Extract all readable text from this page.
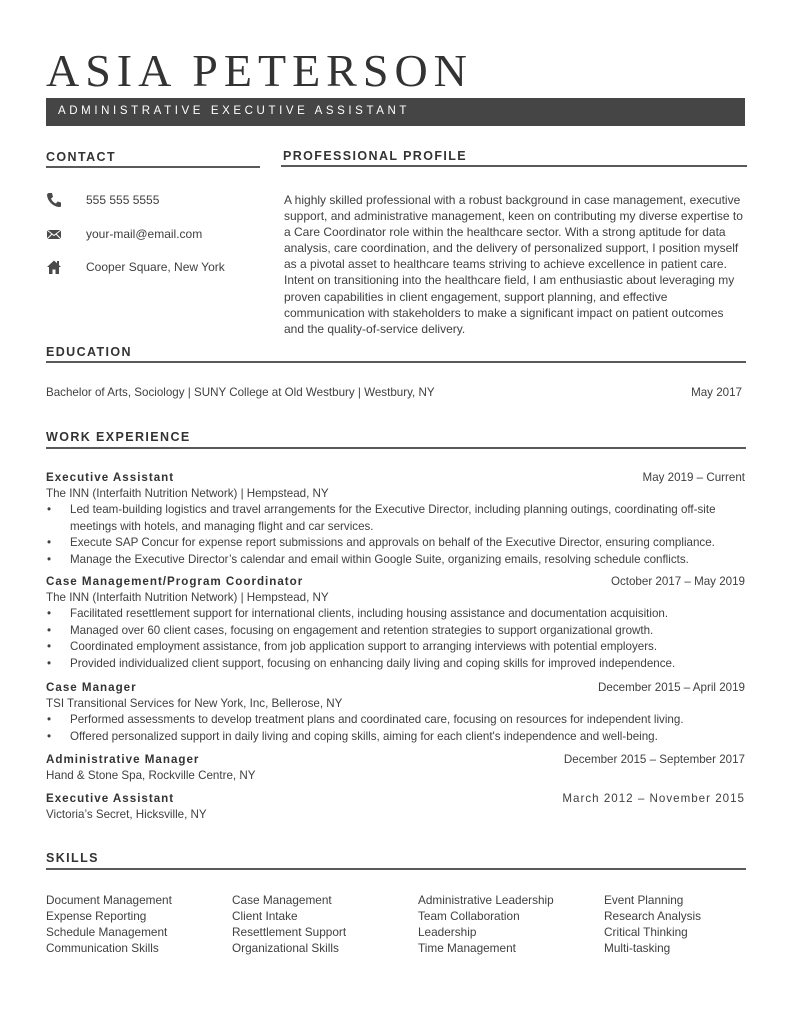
ASIA PETERSON
ADMINISTRATIVE EXECUTIVE ASSISTANT
CONTACT
555 555 5555
your-mail@email.com
Cooper Square, New York
PROFESSIONAL PROFILE
A highly skilled professional with a robust background in case management, executive support, and administrative management, keen on contributing my diverse expertise to a Care Coordinator role within the healthcare sector. With a strong aptitude for data analysis, care coordination, and the delivery of personalized support, I position myself as a pivotal asset to healthcare teams striving to achieve excellence in patient care. Intent on transitioning into the healthcare field, I am enthusiastic about leveraging my proven capabilities in client engagement, support planning, and effective communication with stakeholders to make a significant impact on patient outcomes and the quality-of-service delivery.
EDUCATION
Bachelor of Arts, Sociology | SUNY College at Old Westbury | Westbury, NY	May 2017
WORK EXPERIENCE
Executive Assistant	May 2019 – Current
The INN (Interfaith Nutrition Network) | Hempstead, NY
• Led team-building logistics and travel arrangements for the Executive Director, including planning outings, coordinating off-site meetings with hotels, and managing flight and car services.
• Execute SAP Concur for expense report submissions and approvals on behalf of the Executive Director, ensuring compliance.
• Manage the Executive Director’s calendar and email within Google Suite, organizing emails, resolving schedule conflicts.
Case Management/Program Coordinator	October 2017 – May 2019
The INN (Interfaith Nutrition Network) | Hempstead, NY
• Facilitated resettlement support for international clients, including housing assistance and documentation acquisition.
• Managed over 60 client cases, focusing on engagement and retention strategies to support organizational growth.
• Coordinated employment assistance, from job application support to arranging interviews with potential employers.
• Provided individualized client support, focusing on enhancing daily living and coping skills for improved independence.
Case Manager	December 2015 – April 2019
TSI Transitional Services for New York, Inc, Bellerose, NY
• Performed assessments to develop treatment plans and coordinated care, focusing on resources for independent living.
• Offered personalized support in daily living and coping skills, aiming for each client's independence and well-being.
Administrative Manager	December 2015 – September 2017
Hand & Stone Spa, Rockville Centre, NY
Executive Assistant	March 2012 – November 2015
Victoria’s Secret, Hicksville, NY
SKILLS
Document Management	Case Management	Administrative Leadership	Event Planning
Expense Reporting	Client Intake	Team Collaboration	Research Analysis
Schedule Management	Resettlement Support	Leadership	Critical Thinking
Communication Skills	Organizational Skills	Time Management	Multi-tasking
